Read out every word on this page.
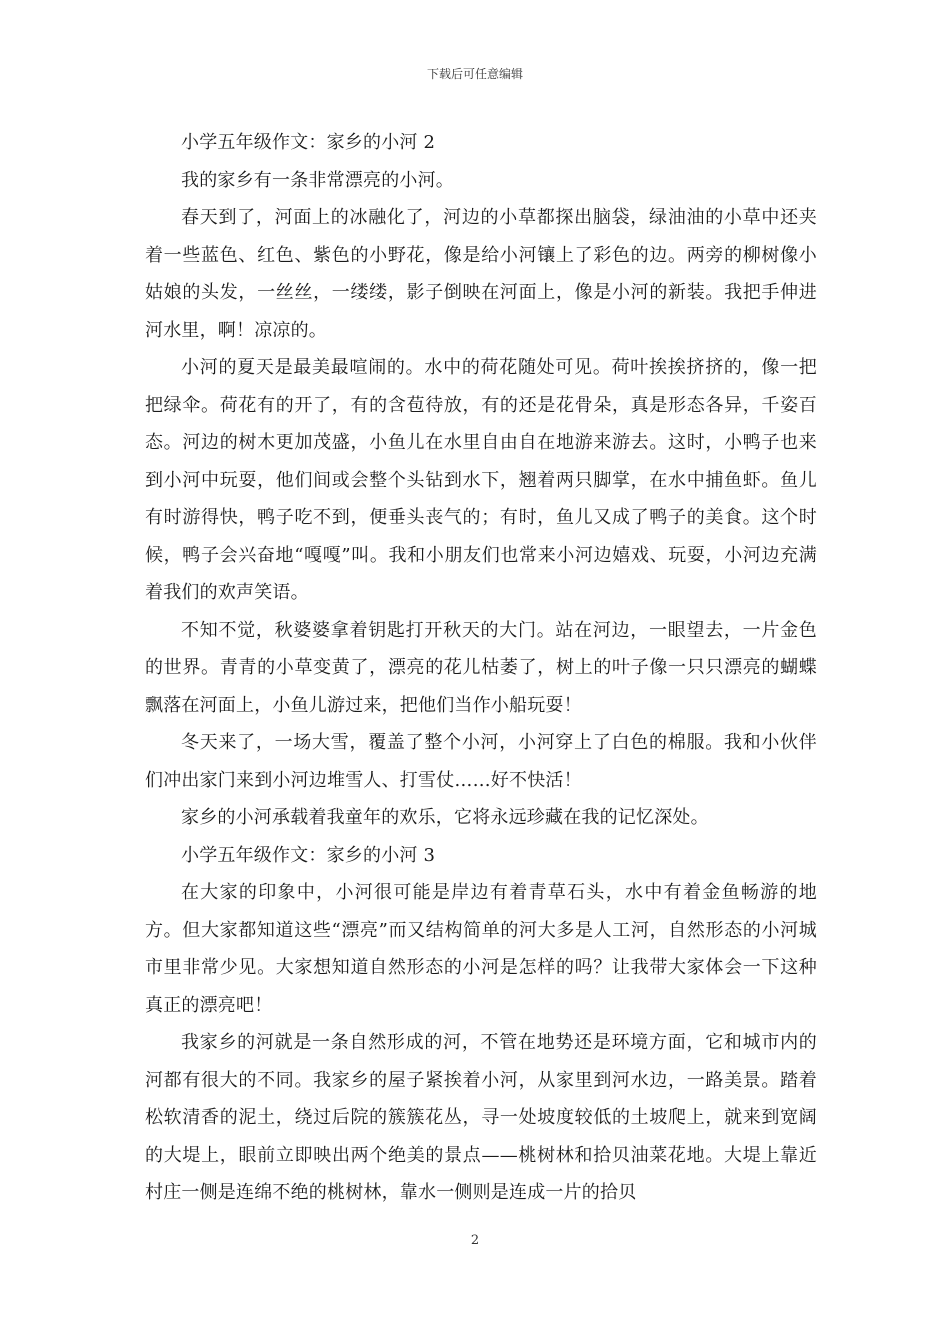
下载后可任意编辑

小学五年级作文：家乡的小河 2

我的家乡有一条非常漂亮的小河。

春天到了，河面上的冰融化了，河边的小草都探出脑袋，绿油油的小草中还夹着一些蓝色、红色、紫色的小野花，像是给小河镶上了彩色的边。两旁的柳树像小姑娘的头发，一丝丝，一缕缕，影子倒映在河面上，像是小河的新装。我把手伸进河水里，啊！凉凉的。

小河的夏天是最美最喧闹的。水中的荷花随处可见。荷叶挨挨挤挤的，像一把把绿伞。荷花有的开了，有的含苞待放，有的还是花骨朵，真是形态各异，千姿百态。河边的树木更加茂盛，小鱼儿在水里自由自在地游来游去。这时，小鸭子也来到小河中玩耍，他们间或会整个头钻到水下，翘着两只脚掌，在水中捕鱼虾。鱼儿有时游得快，鸭子吃不到，便垂头丧气的；有时，鱼儿又成了鸭子的美食。这个时候，鸭子会兴奋地“嘎嘎”叫。我和小朋友们也常来小河边嬉戏、玩耍，小河边充满着我们的欢声笑语。

不知不觉，秋婆婆拿着钥匙打开秋天的大门。站在河边，一眼望去，一片金色的世界。青青的小草变黄了，漂亮的花儿枯萎了，树上的叶子像一只只漂亮的蝴蝶飘落在河面上，小鱼儿游过来，把他们当作小船玩耍！

冬天来了，一场大雪，覆盖了整个小河，小河穿上了白色的棉服。我和小伙伴们冲出家门来到小河边堆雪人、打雪仗……好不快活！

家乡的小河承载着我童年的欢乐，它将永远珍藏在我的记忆深处。

小学五年级作文：家乡的小河 3

在大家的印象中，小河很可能是岸边有着青草石头，水中有着金鱼畅游的地方。但大家都知道这些“漂亮”而又结构简单的河大多是人工河，自然形态的小河城市里非常少见。大家想知道自然形态的小河是怎样的吗？让我带大家体会一下这种真正的漂亮吧！

我家乡的河就是一条自然形成的河，不管在地势还是环境方面，它和城市内的河都有很大的不同。我家乡的屋子紧挨着小河，从家里到河水边，一路美景。踏着松软清香的泥土，绕过后院的簇簇花丛，寻一处坡度较低的土坡爬上，就来到宽阔的大堤上，眼前立即映出两个绝美的景点——桃树林和拾贝油菜花地。大堤上靠近村庄一侧是连绵不绝的桃树林，靠水一侧则是连成一片的拾贝

2
